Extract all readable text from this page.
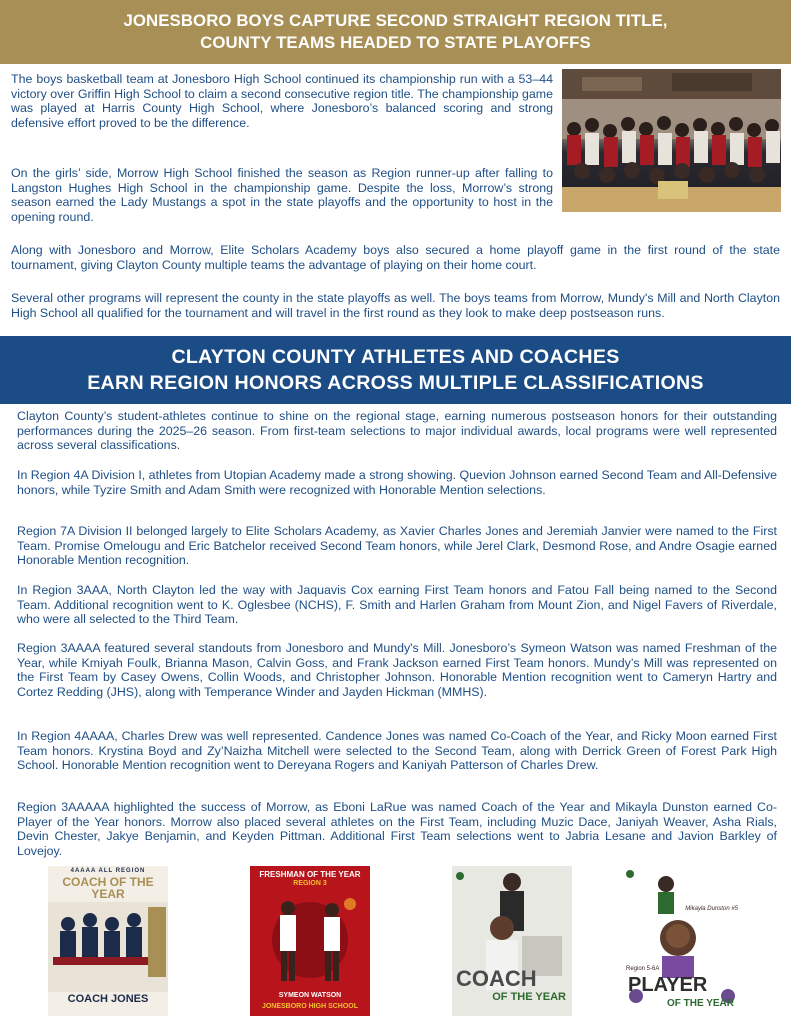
JONESBORO BOYS CAPTURE SECOND STRAIGHT REGION TITLE,
COUNTY TEAMS HEADED TO STATE PLAYOFFS

The boys basketball team at Jonesboro High School continued its championship run with a 53–44 victory over Griffin High School to claim a second consecutive region title. The championship game was played at Harris County High School, where Jonesboro’s balanced scoring and strong defensive effort proved to be the difference.

On the girls’ side, Morrow High School finished the season as Region runner-up after falling to Langston Hughes High School in the championship game. Despite the loss, Morrow’s strong season earned the Lady Mustangs a spot in the state playoffs and the opportunity to host in the opening round.

Along with Jonesboro and Morrow, Elite Scholars Academy boys also secured a home playoff game in the first round of the state tournament, giving Clayton County multiple teams the advantage of playing on their home court.

Several other programs will represent the county in the state playoffs as well. The boys teams from Morrow, Mundy's Mill and North Clayton High School all qualified for the tournament and will travel in the first round as they look to make deep postseason runs.

CLAYTON COUNTY ATHLETES AND COACHES
EARN REGION HONORS ACROSS MULTIPLE CLASSIFICATIONS

Clayton County’s student-athletes continue to shine on the regional stage, earning numerous postseason honors for their outstanding performances during the 2025–26 season. From first-team selections to major individual awards, local programs were well represented across several classifications.

In Region 4A Division I, athletes from Utopian Academy made a strong showing. Quevion Johnson earned Second Team and All-Defensive honors, while Tyzire Smith and Adam Smith were recognized with Honorable Mention selections.

Region 7A Division II belonged largely to Elite Scholars Academy, as Xavier Charles Jones and Jeremiah Janvier were named to the First Team. Promise Omelougu and Eric Batchelor received Second Team honors, while Jerel Clark, Desmond Rose, and Andre Osagie earned Honorable Mention recognition.

In Region 3AAA, North Clayton led the way with Jaquavis Cox earning First Team honors and Fatou Fall being named to the Second Team. Additional recognition went to K. Oglesbee (NCHS), F. Smith and Harlen Graham from Mount Zion, and Nigel Favers of Riverdale, who were all selected to the Third Team.

Region 3AAAA featured several standouts from Jonesboro and Mundy's Mill. Jonesboro’s Symeon Watson was named Freshman of the Year, while Kmiyah Foulk, Brianna Mason, Calvin Goss, and Frank Jackson earned First Team honors. Mundy’s Mill was represented on the First Team by Casey Owens, Collin Woods, and Christopher Johnson. Honorable Mention recognition went to Cameryn Hartry and Cortez Redding (JHS), along with Temperance Winder and Jayden Hickman (MMHS).

In Region 4AAAA, Charles Drew was well represented. Candence Jones was named Co-Coach of the Year, and Ricky Moon earned First Team honors. Krystina Boyd and Zy’Naizha Mitchell were selected to the Second Team, along with Derrick Green of Forest Park High School. Honorable Mention recognition went to Dereyana Rogers and Kaniyah Patterson of Charles Drew.

Region 3AAAAA highlighted the success of Morrow, as Eboni LaRue was named Coach of the Year and Mikayla Dunston earned Co-Player of the Year honors. Morrow also placed several athletes on the First Team, including Muzic Dace, Janiyah Weaver, Asha Rials, Devin Chester, Jakye Benjamin, and Keyden Pittman. Additional First Team selections went to Jabria Lesane and Javion Barkley of Lovejoy.

4AAAA ALL REGION
COACH OF THE YEAR
COACH JONES
FRESHMAN OF THE YEAR
REGION 3
SYMEON WATSON
JONESBORO HIGH SCHOOL
COACH
OF THE YEAR
Mikayla Dunston #5
Region 5-6A
PLAYER
OF THE YEAR
